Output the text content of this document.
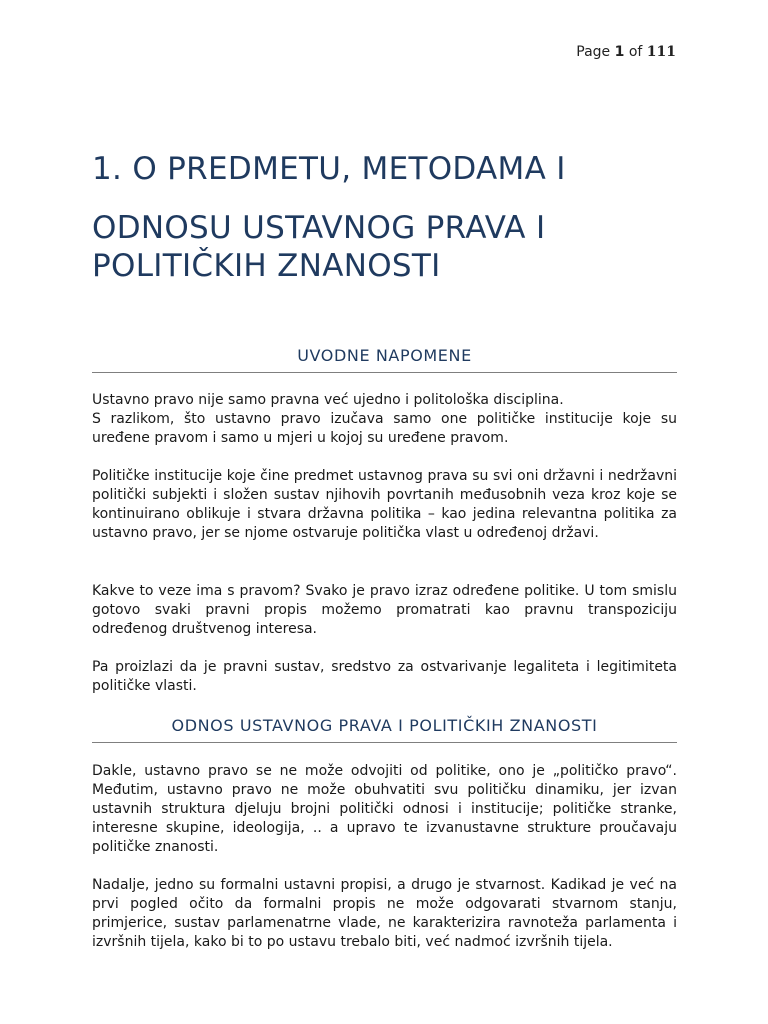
Page 1 of 111
1. O PREDMETU, METODAMA I
ODNOSU USTAVNOG PRAVA I POLITIČKIH ZNANOSTI
UVODNE NAPOMENE

Ustavno pravo nije samo pravna već ujedno i politološka disciplina.
S razlikom, što ustavno pravo izučava samo one političke institucije koje su uređene pravom i samo u mjeri u kojoj su uređene pravom.

Političke institucije koje čine predmet ustavnog prava su svi oni državni i nedržavni politički subjekti i složen sustav njihovih povrtanih međusobnih veza kroz koje se kontinuirano oblikuje i stvara državna politika – kao jedina relevantna politika za ustavno pravo, jer se njome ostvaruje politička vlast u određenoj državi.

Kakve to veze ima s pravom? Svako je pravo izraz određene politike. U tom smislu gotovo svaki pravni propis možemo promatrati kao pravnu transpoziciju određenog društvenog interesa.

Pa proizlazi da je pravni sustav, sredstvo za ostvarivanje legaliteta i legitimiteta političke vlasti.

ODNOS USTAVNOG PRAVA I POLITIČKIH ZNANOSTI

Dakle, ustavno pravo se ne može odvojiti od politike, ono je „političko pravo“. Međutim, ustavno pravo ne može obuhvatiti svu političku dinamiku, jer izvan ustavnih struktura djeluju brojni politički odnosi i institucije; političke stranke, interesne skupine, ideologija, .. a upravo te izvanustavne strukture proučavaju političke znanosti.

Nadalje, jedno su formalni ustavni propisi, a drugo je stvarnost. Kadikad je već na prvi pogled očito da formalni propis ne može odgovarati stvarnom stanju, primjerice, sustav parlamenatrne vlade, ne karakterizira ravnoteža parlamenta i izvršnih tijela, kako bi to po ustavu trebalo biti, već nadmoć izvršnih tijela.
